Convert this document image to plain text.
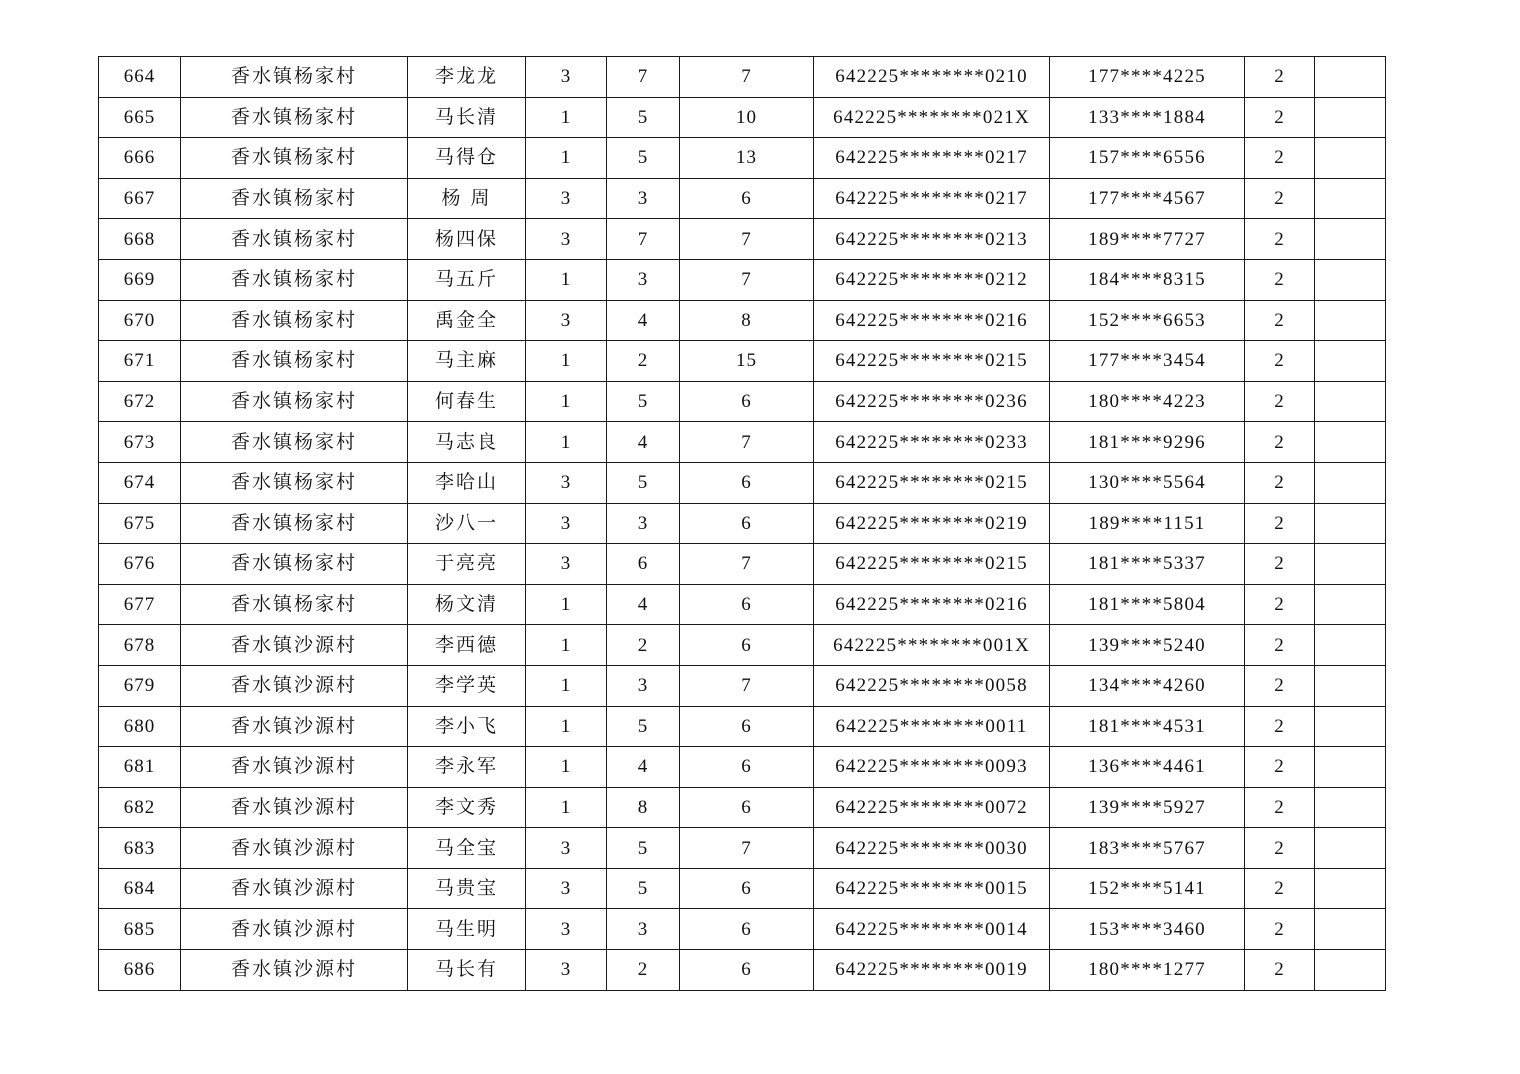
664	香水镇杨家村	李龙龙	3	7	7	642225********0210	177****4225	2	
665	香水镇杨家村	马长清	1	5	10	642225********021X	133****1884	2	
666	香水镇杨家村	马得仓	1	5	13	642225********0217	157****6556	2	
667	香水镇杨家村	杨 周	3	3	6	642225********0217	177****4567	2	
668	香水镇杨家村	杨四保	3	7	7	642225********0213	189****7727	2	
669	香水镇杨家村	马五斤	1	3	7	642225********0212	184****8315	2	
670	香水镇杨家村	禹金全	3	4	8	642225********0216	152****6653	2	
671	香水镇杨家村	马主麻	1	2	15	642225********0215	177****3454	2	
672	香水镇杨家村	何春生	1	5	6	642225********0236	180****4223	2	
673	香水镇杨家村	马志良	1	4	7	642225********0233	181****9296	2	
674	香水镇杨家村	李哈山	3	5	6	642225********0215	130****5564	2	
675	香水镇杨家村	沙八一	3	3	6	642225********0219	189****1151	2	
676	香水镇杨家村	于亮亮	3	6	7	642225********0215	181****5337	2	
677	香水镇杨家村	杨文清	1	4	6	642225********0216	181****5804	2	
678	香水镇沙源村	李西德	1	2	6	642225********001X	139****5240	2	
679	香水镇沙源村	李学英	1	3	7	642225********0058	134****4260	2	
680	香水镇沙源村	李小飞	1	5	6	642225********0011	181****4531	2	
681	香水镇沙源村	李永军	1	4	6	642225********0093	136****4461	2	
682	香水镇沙源村	李文秀	1	8	6	642225********0072	139****5927	2	
683	香水镇沙源村	马全宝	3	5	7	642225********0030	183****5767	2	
684	香水镇沙源村	马贵宝	3	5	6	642225********0015	152****5141	2	
685	香水镇沙源村	马生明	3	3	6	642225********0014	153****3460	2	
686	香水镇沙源村	马长有	3	2	6	642225********0019	180****1277	2	
